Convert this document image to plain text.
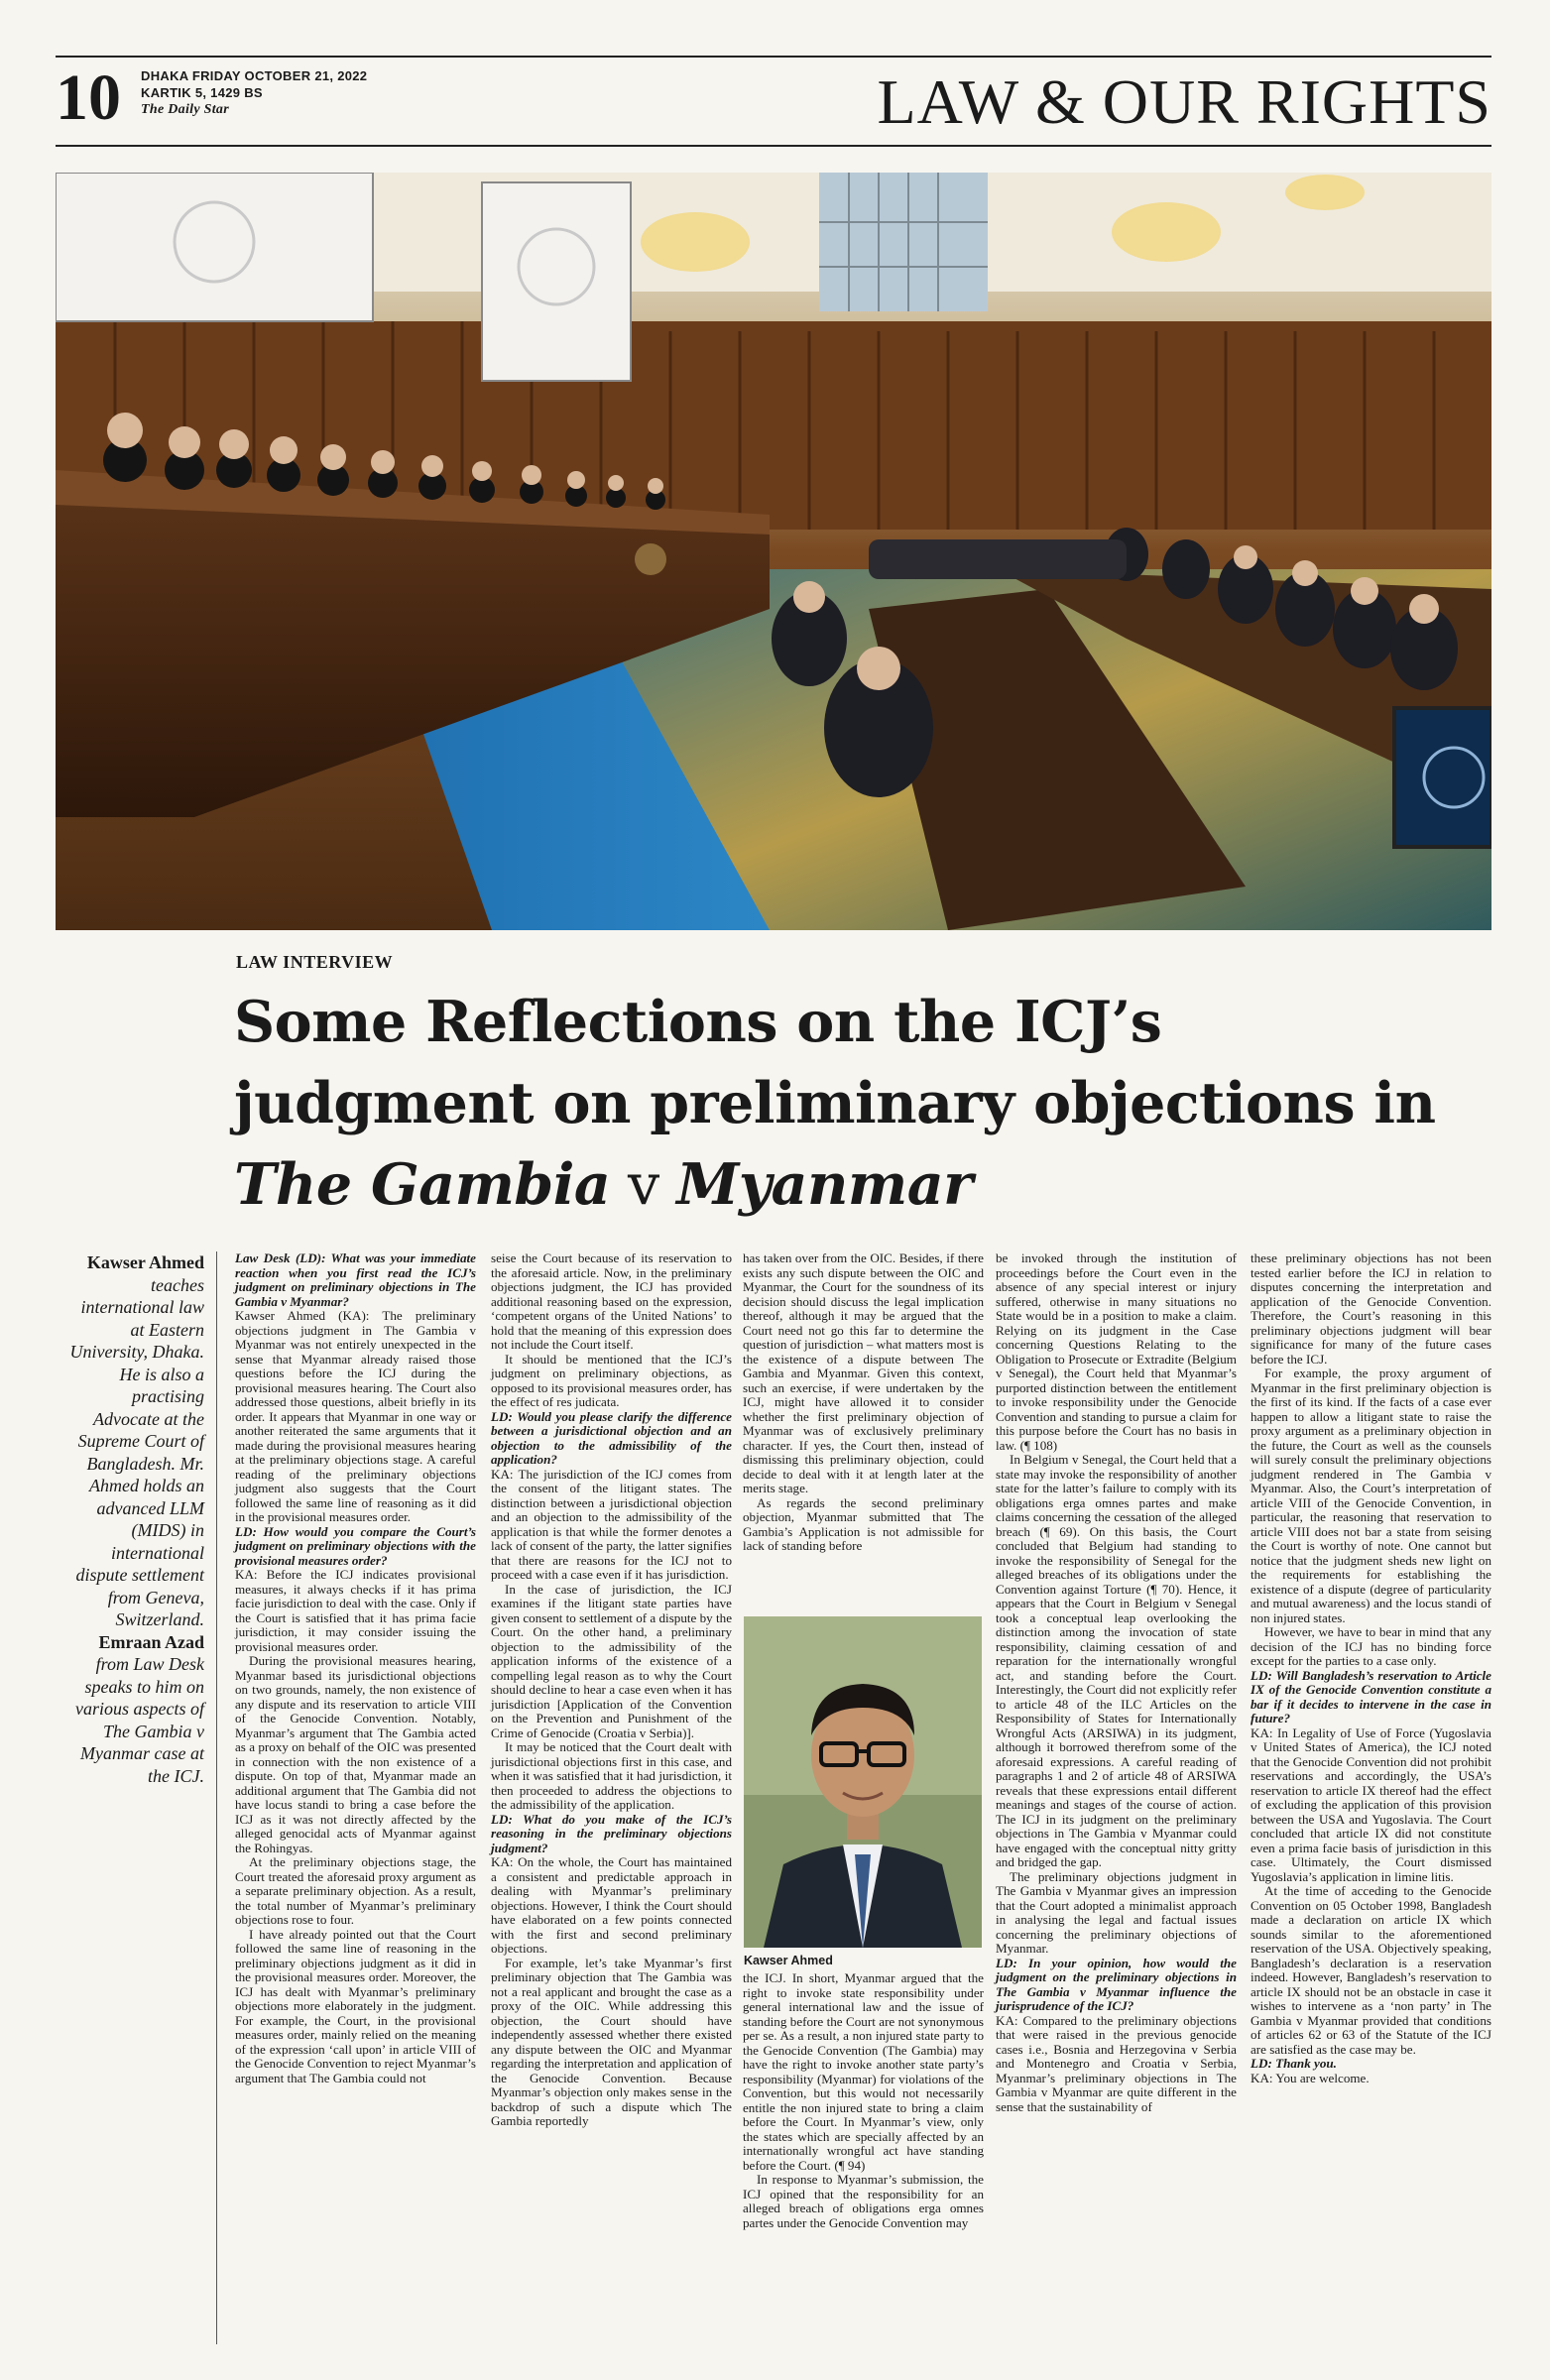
10 DHAKA FRIDAY OCTOBER 21, 2022
KARTIK 5, 1429 BS
The Daily Star	LAW & OUR RIGHTS
LAW INTERVIEW
Some Reflections on the ICJ’s
judgment on preliminary objections in
The Gambia v Myanmar
Kawser Ahmed
teaches international law at Eastern University, Dhaka. He is also a practising Advocate at the Supreme Court of Bangladesh. Mr. Ahmed holds an advanced LLM (MIDS) in international dispute settlement from Geneva, Switzerland.
Emraan Azad
from Law Desk speaks to him on various aspects of The Gambia v Myanmar case at the ICJ.

Law Desk (LD): What was your immediate reaction when you first read the ICJ’s judgment on preliminary objections in The Gambia v Myanmar?

Kawser Ahmed (KA): The preliminary objections judgment in The Gambia v Myanmar was not entirely unexpected in the sense that Myanmar already raised those questions before the ICJ during the provisional measures hearing. The Court also addressed those questions, albeit briefly in its order. It appears that Myanmar in one way or another reiterated the same arguments that it made during the provisional measures hearing at the preliminary objections stage. A careful reading of the preliminary objections judgment also suggests that the Court followed the same line of reasoning as it did in the provisional measures order.

LD: How would you compare the Court’s judgment on preliminary objections with the provisional measures order?

KA: Before the ICJ indicates provisional measures, it always checks if it has prima facie jurisdiction to deal with the case. Only if the Court is satisfied that it has prima facie jurisdiction, it may consider issuing the provisional measures order.

During the provisional measures hearing, Myanmar based its jurisdictional objections on two grounds, namely, the non existence of any dispute and its reservation to article VIII of the Genocide Convention. Notably, Myanmar’s argument that The Gambia acted as a proxy on behalf of the OIC was presented in connection with the non existence of a dispute. On top of that, Myanmar made an additional argument that The Gambia did not have locus standi to bring a case before the ICJ as it was not directly affected by the alleged genocidal acts of Myanmar against the Rohingyas.

At the preliminary objections stage, the Court treated the aforesaid proxy argument as a separate preliminary objection. As a result, the total number of Myanmar’s preliminary objections rose to four.

I have already pointed out that the Court followed the same line of reasoning in the preliminary objections judgment as it did in the provisional measures order. Moreover, the ICJ has dealt with Myanmar’s preliminary objections more elaborately in the judgment. For example, the Court, in the provisional measures order, mainly relied on the meaning of the expression ‘call upon’ in article VIII of the Genocide Convention to reject Myanmar’s argument that The Gambia could not

seise the Court because of its reservation to the aforesaid article. Now, in the preliminary objections judgment, the ICJ has provided additional reasoning based on the expression, ‘competent organs of the United Nations’ to hold that the meaning of this expression does not include the Court itself.

It should be mentioned that the ICJ’s judgment on preliminary objections, as opposed to its provisional measures order, has the effect of res judicata.

LD: Would you please clarify the difference between a jurisdictional objection and an objection to the admissibility of the application?

KA: The jurisdiction of the ICJ comes from the consent of the litigant states. The distinction between a jurisdictional objection and an objection to the admissibility of the application is that while the former denotes a lack of consent of the party, the latter signifies that there are reasons for the ICJ not to proceed with a case even if it has jurisdiction.

In the case of jurisdiction, the ICJ examines if the litigant state parties have given consent to settlement of a dispute by the Court. On the other hand, a preliminary objection to the admissibility of the application informs of the existence of a compelling legal reason as to why the Court should decline to hear a case even when it has jurisdiction [Application of the Convention on the Prevention and Punishment of the Crime of Genocide (Croatia v Serbia)].

It may be noticed that the Court dealt with jurisdictional objections first in this case, and when it was satisfied that it had jurisdiction, it then proceeded to address the objections to the admissibility of the application.

LD: What do you make of the ICJ’s reasoning in the preliminary objections judgment?

KA: On the whole, the Court has maintained a consistent and predictable approach in dealing with Myanmar’s preliminary objections. However, I think the Court should have elaborated on a few points connected with the first and second preliminary objections.

For example, let’s take Myanmar’s first preliminary objection that The Gambia was not a real applicant and brought the case as a proxy of the OIC. While addressing this objection, the Court should have independently assessed whether there existed any dispute between the OIC and Myanmar regarding the interpretation and application of the Genocide Convention. Because Myanmar’s objection only makes sense in the backdrop of such a dispute which The Gambia reportedly

has taken over from the OIC. Besides, if there exists any such dispute between the OIC and Myanmar, the Court for the soundness of its decision should discuss the legal implication thereof, although it may be argued that the Court need not go this far to determine the question of jurisdiction – what matters most is the existence of a dispute between The Gambia and Myanmar. Given this context, such an exercise, if were undertaken by the ICJ, might have allowed it to consider whether the first preliminary objection of Myanmar was of exclusively preliminary character. If yes, the Court then, instead of dismissing this preliminary objection, could decide to deal with it at length later at the merits stage.

As regards the second preliminary objection, Myanmar submitted that The Gambia’s Application is not admissible for lack of standing before

Kawser Ahmed

the ICJ. In short, Myanmar argued that the right to invoke state responsibility under general international law and the issue of standing before the Court are not synonymous per se. As a result, a non injured state party to the Genocide Convention (The Gambia) may have the right to invoke another state party’s responsibility (Myanmar) for violations of the Convention, but this would not necessarily entitle the non injured state to bring a claim before the Court. In Myanmar’s view, only the states which are specially affected by an internationally wrongful act have standing before the Court. (¶ 94)

In response to Myanmar’s submission, the ICJ opined that the responsibility for an alleged breach of obligations erga omnes partes under the Genocide Convention may

be invoked through the institution of proceedings before the Court even in the absence of any special interest or injury suffered, otherwise in many situations no State would be in a position to make a claim. Relying on its judgment in the Case concerning Questions Relating to the Obligation to Prosecute or Extradite (Belgium v Senegal), the Court held that Myanmar’s purported distinction between the entitlement to invoke responsibility under the Genocide Convention and standing to pursue a claim for this purpose before the Court has no basis in law. (¶ 108)

In Belgium v Senegal, the Court held that a state may invoke the responsibility of another state for the latter’s failure to comply with its obligations erga omnes partes and make claims concerning the cessation of the alleged breach (¶ 69). On this basis, the Court concluded that Belgium had standing to invoke the responsibility of Senegal for the alleged breaches of its obligations under the Convention against Torture (¶ 70). Hence, it appears that the Court in Belgium v Senegal took a conceptual leap overlooking the distinction among the invocation of state responsibility, claiming cessation of and reparation for the internationally wrongful act, and standing before the Court. Interestingly, the Court did not explicitly refer to article 48 of the ILC Articles on the Responsibility of States for Internationally Wrongful Acts (ARSIWA) in its judgment, although it borrowed therefrom some of the aforesaid expressions. A careful reading of paragraphs 1 and 2 of article 48 of ARSIWA reveals that these expressions entail different meanings and stages of the course of action. The ICJ in its judgment on the preliminary objections in The Gambia v Myanmar could have engaged with the conceptual nitty gritty and bridged the gap.

The preliminary objections judgment in The Gambia v Myanmar gives an impression that the Court adopted a minimalist approach in analysing the legal and factual issues concerning the preliminary objections of Myanmar.

LD: In your opinion, how would the judgment on the preliminary objections in The Gambia v Myanmar influence the jurisprudence of the ICJ?

KA: Compared to the preliminary objections that were raised in the previous genocide cases i.e., Bosnia and Herzegovina v Serbia and Montenegro and Croatia v Serbia, Myanmar’s preliminary objections in The Gambia v Myanmar are quite different in the sense that the sustainability of

these preliminary objections has not been tested earlier before the ICJ in relation to disputes concerning the interpretation and application of the Genocide Convention. Therefore, the Court’s reasoning in this preliminary objections judgment will bear significance for many of the future cases before the ICJ.

For example, the proxy argument of Myanmar in the first preliminary objection is the first of its kind. If the facts of a case ever happen to allow a litigant state to raise the proxy argument as a preliminary objection in the future, the Court as well as the counsels will surely consult the preliminary objections judgment rendered in The Gambia v Myanmar. Also, the Court’s interpretation of article VIII of the Genocide Convention, in particular, the reasoning that reservation to article VIII does not bar a state from seising the Court is worthy of note. One cannot but notice that the judgment sheds new light on the requirements for establishing the existence of a dispute (degree of particularity and mutual awareness) and the locus standi of non injured states.

However, we have to bear in mind that any decision of the ICJ has no binding force except for the parties to a case only.

LD: Will Bangladesh’s reservation to Article IX of the Genocide Convention constitute a bar if it decides to intervene in the case in future?

KA: In Legality of Use of Force (Yugoslavia v United States of America), the ICJ noted that the Genocide Convention did not prohibit reservations and accordingly, the USA’s reservation to article IX thereof had the effect of excluding the application of this provision between the USA and Yugoslavia. The Court concluded that article IX did not constitute even a prima facie basis of jurisdiction in this case. Ultimately, the Court dismissed Yugoslavia’s application in limine litis.

At the time of acceding to the Genocide Convention on 05 October 1998, Bangladesh made a declaration on article IX which sounds similar to the aforementioned reservation of the USA. Objectively speaking, Bangladesh’s declaration is a reservation indeed. However, Bangladesh’s reservation to article IX should not be an obstacle in case it wishes to intervene as a ‘non party’ in The Gambia v Myanmar provided that conditions of articles 62 or 63 of the Statute of the ICJ are satisfied as the case may be.

LD: Thank you.

KA: You are welcome.
